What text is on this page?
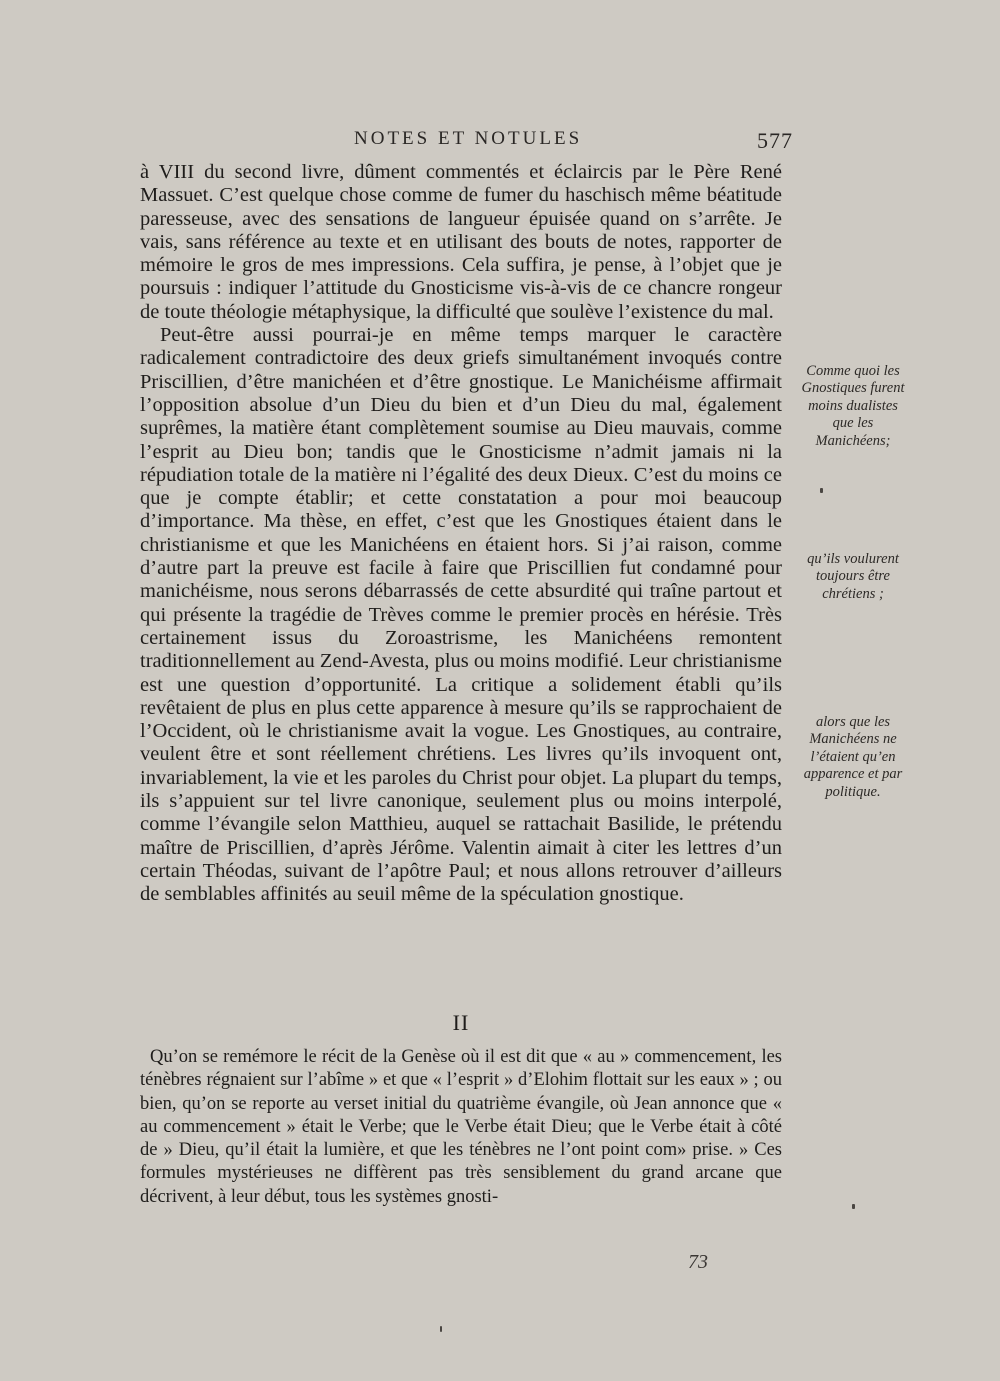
NOTES ET NOTULES	577

à VIII du second livre, dûment commentés et éclaircis par le Père René Massuet. C’est quelque chose comme de fumer du haschisch même béatitude paresseuse, avec des sensations de langueur épuisée quand on s’arrête. Je vais, sans référence au texte et en utilisant des bouts de notes, rapporter de mémoire le gros de mes impressions. Cela suffira, je pense, à l’objet que je poursuis : indiquer l’attitude du Gnosticisme vis-à-vis de ce chancre rongeur de toute théologie métaphysique, la difficulté que soulève l’existence du mal.

Peut-être aussi pourrai-je en même temps marquer le caractère radicalement contradictoire des deux griefs simultanément invoqués contre Priscillien, d’être manichéen et d’être gnostique. Le Manichéisme affirmait l’opposition absolue d’un Dieu du bien et d’un Dieu du mal, également suprêmes, la matière étant complètement soumise au Dieu mauvais, comme l’esprit au Dieu bon; tandis que le Gnosticisme n’admit jamais ni la répudiation totale de la matière ni l’égalité des deux Dieux. C’est du moins ce que je compte établir; et cette constatation a pour moi beaucoup d’importance. Ma thèse, en effet, c’est que les Gnostiques étaient dans le christianisme et que les Manichéens en étaient hors. Si j’ai raison, comme d’autre part la preuve est facile à faire que Priscillien fut condamné pour manichéisme, nous serons débarrassés de cette absurdité qui traîne partout et qui présente la tragédie de Trèves comme le premier procès en hérésie. Très certainement issus du Zoroastrisme, les Manichéens remontent traditionnellement au Zend-Avesta, plus ou moins modifié. Leur christianisme est une question d’opportunité. La critique a solidement établi qu’ils revêtaient de plus en plus cette apparence à mesure qu’ils se rapprochaient de l’Occident, où le christianisme avait la vogue. Les Gnostiques, au contraire, veulent être et sont réellement chrétiens. Les livres qu’ils invoquent ont, invariablement, la vie et les paroles du Christ pour objet. La plupart du temps, ils s’appuient sur tel livre canonique, seulement plus ou moins interpolé, comme l’évangile selon Matthieu, auquel se rattachait Basilide, le prétendu maître de Priscillien, d’après Jérôme. Valentin aimait à citer les lettres d’un certain Théodas, suivant de l’apôtre Paul; et nous allons retrouver d’ailleurs de semblables affinités au seuil même de la spéculation gnostique.

II

Qu’on se remémore le récit de la Genèse où il est dit que « au » commencement, les ténèbres régnaient sur l’abîme » et que « l’esprit » d’Elohim flottait sur les eaux » ; ou bien, qu’on se reporte au verset initial du quatrième évangile, où Jean annonce que « au commencement » était le Verbe; que le Verbe était Dieu; que le Verbe était à côté de » Dieu, qu’il était la lumière, et que les ténèbres ne l’ont point com» prise. » Ces formules mystérieuses ne diffèrent pas très sensiblement du grand arcane que décrivent, à leur début, tous les systèmes gnosti-

Comme quoi les Gnostiques furent moins dualistes que les Manichéens;
qu’ils voulurent toujours être chrétiens ;
alors que les Manichéens ne l’étaient qu’en apparence et par politique.
73
